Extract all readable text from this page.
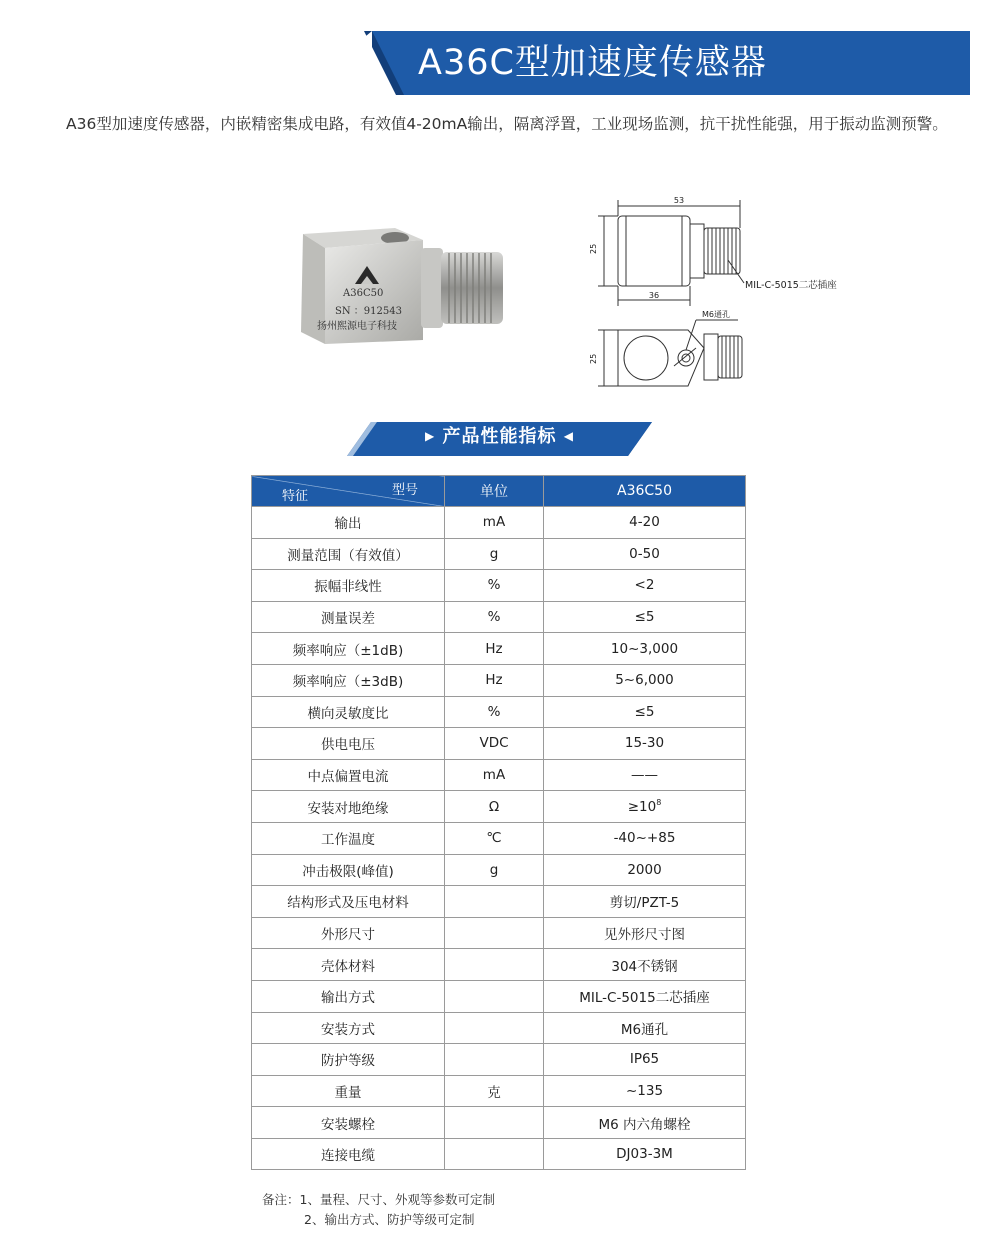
A36C型加速度传感器
A36型加速度传感器，内嵌精密集成电路，有效值4-20mA输出，隔离浮置，工业现场监测，抗干扰性能强，用于振动监测预警。
A36C50
SN ：912543
扬州熙源电子科技
53
25
36
MIL-C-5015二芯插座
M6通孔
25
▶ 产品性能指标 ◀
型号
特征	单位	A36C50
输出	mA	4-20
测量范围（有效值）	g	0-50
振幅非线性	%	<2
测量误差	%	≤5
频率响应（±1dB)	Hz	10~3,000
频率响应（±3dB)	Hz	5~6,000
横向灵敏度比	%	≤5
供电电压	VDC	15-30
中点偏置电流	mA	——
安装对地绝缘	Ω	$\ge 10^8$
工作温度	℃	-40~+85
冲击极限(峰值)	g	2000
结构形式及压电材料		剪切/PZT-5
外形尺寸		见外形尺寸图
壳体材料		304不锈钢
输出方式		MIL-C-5015二芯插座
安装方式		M6通孔
防护等级		IP65
重量	克	~135
安装螺栓		M6 内六角螺栓
连接电缆		DJ03-3M
备注：1、量程、尺寸、外观等参数可定制
2、输出方式、防护等级可定制
